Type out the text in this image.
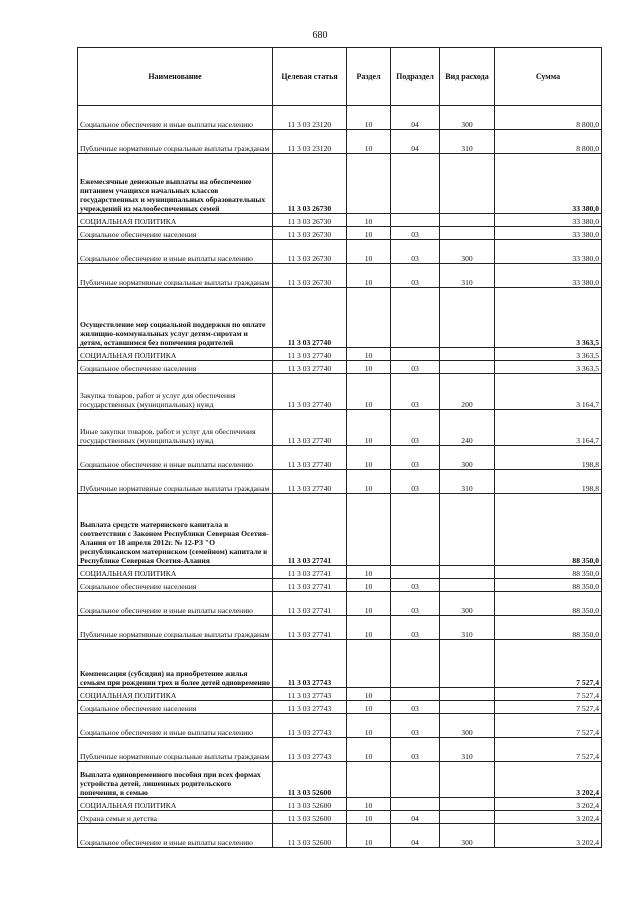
680
Наименование	Целевая статья	Раздел	Подраздел	Вид расхода	Сумма
Социальное обеспечение и иные выплаты населению	11 3 03 23120	10	04	300	8 800,0
Публичные нормативные социальные выплаты гражданам	11 3 03 23120	10	04	310	8 800,0
Ежемесячные денежные выплаты на обеспечение питанием учащихся начальных классов государственных и муниципальных образовательных учреждений из малообеспеченных семей	11 3 03 26730				33 380,0
СОЦИАЛЬНАЯ ПОЛИТИКА	11 3 03 26730	10			33 380,0
Социальное обеспечение населения	11 3 03 26730	10	03		33 380,0
Социальное обеспечение и иные выплаты населению	11 3 03 26730	10	03	300	33 380,0
Публичные нормативные социальные выплаты гражданам	11 3 03 26730	10	03	310	33 380,0
Осуществление мер социальной поддержки по оплате жилищно-коммунальных услуг детям-сиротам и детям, оставшимся без попечения родителей	11 3 03 27740				3 363,5
СОЦИАЛЬНАЯ ПОЛИТИКА	11 3 03 27740	10			3 363,5
Социальное обеспечение населения	11 3 03 27740	10	03		3 363,5
Закупка товаров, работ и услуг для обеспечения государственных (муниципальных) нужд	11 3 03 27740	10	03	200	3 164,7
Иные закупки товаров, работ и услуг для обеспечения государственных (муниципальных) нужд	11 3 03 27740	10	03	240	3 164,7
Социальное обеспечение и иные выплаты населению	11 3 03 27740	10	03	300	198,8
Публичные нормативные социальные выплаты гражданам	11 3 03 27740	10	03	310	198,8
Выплата средств материнского капитала в соответствии с Законом Республики Северная Осетия-Алания от 18 апреля 2012г. № 12-РЗ "О республиканском материнском (семейном) капитале в Республике Северная Осетия-Алания	11 3 03 27741				88 350,0
СОЦИАЛЬНАЯ ПОЛИТИКА	11 3 03 27741	10			88 350,0
Социальное обеспечение населения	11 3 03 27741	10	03		88 350,0
Социальное обеспечение и иные выплаты населению	11 3 03 27741	10	03	300	88 350,0
Публичные нормативные социальные выплаты гражданам	11 3 03 27741	10	03	310	88 350,0
Компенсация (субсидия) на приобретение жилья семьям при рождении трех и более детей одновременно	11 3 03 27743				7 527,4
СОЦИАЛЬНАЯ ПОЛИТИКА	11 3 03 27743	10			7 527,4
Социальное обеспечение населения	11 3 03 27743	10	03		7 527,4
Социальное обеспечение и иные выплаты населению	11 3 03 27743	10	03	300	7 527,4
Публичные нормативные социальные выплаты гражданам	11 3 03 27743	10	03	310	7 527,4
Выплата единовременного пособия при всех формах устройства детей, лишенных родительского попечения, в семью	11 3 03 52600				3 202,4
СОЦИАЛЬНАЯ ПОЛИТИКА	11 3 03 52600	10			3 202,4
Охрана семьи и детства	11 3 03 52600	10	04		3 202,4
Социальное обеспечение и иные выплаты населению	11 3 03 52600	10	04	300	3 202,4
